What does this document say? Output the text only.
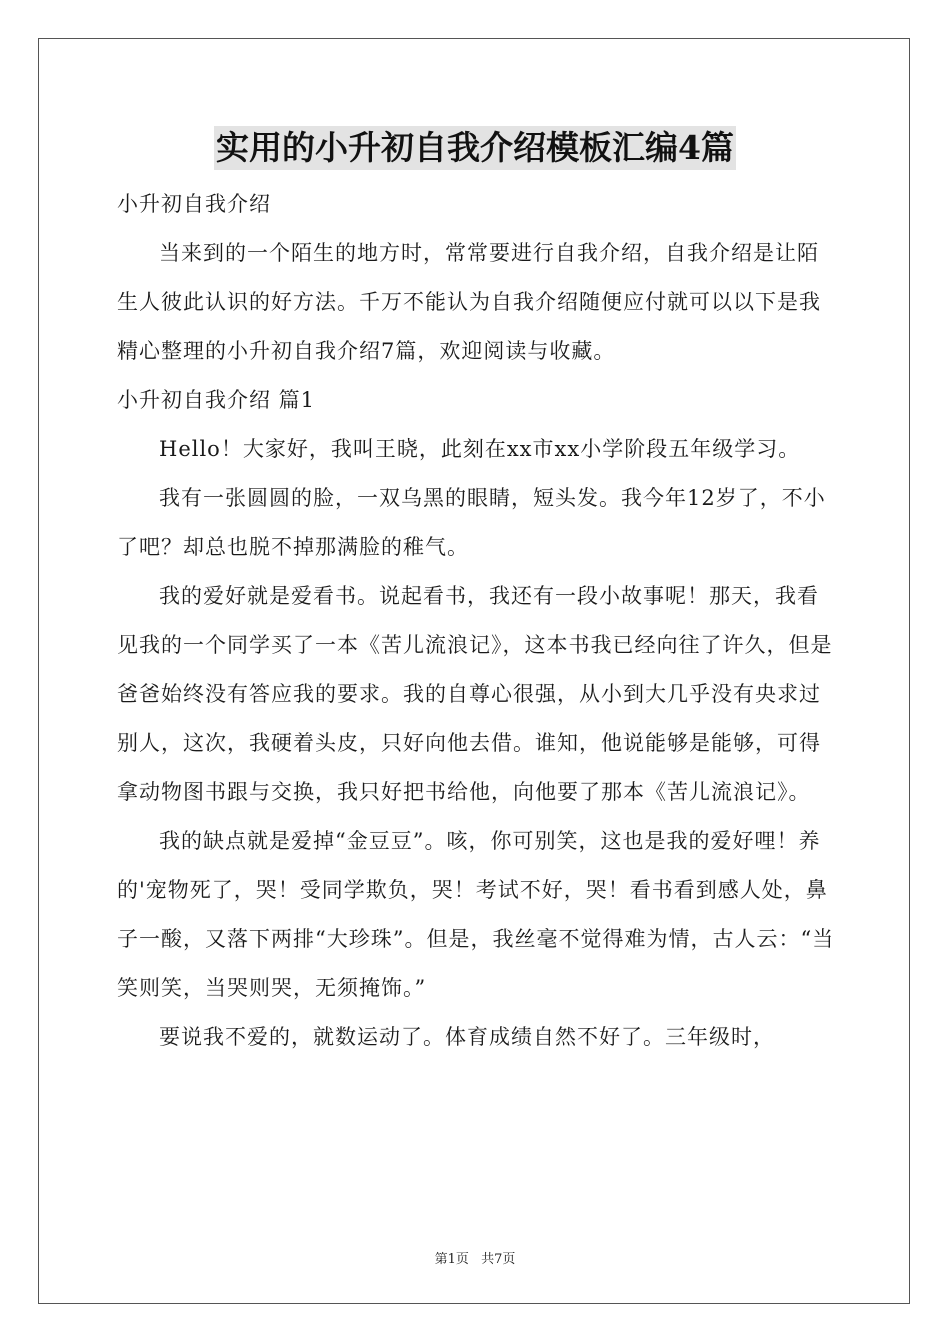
实用的小升初自我介绍模板汇编4篇

小升初自我介绍

当来到的一个陌生的地方时，常常要进行自我介绍，自我介绍是让陌生人彼此认识的好方法。千万不能认为自我介绍随便应付就可以以下是我精心整理的小升初自我介绍7篇，欢迎阅读与收藏。

小升初自我介绍 篇1

Hello！大家好，我叫王晓，此刻在xx市xx小学阶段五年级学习。

我有一张圆圆的脸，一双乌黑的眼睛，短头发。我今年12岁了，不小了吧？却总也脱不掉那满脸的稚气。

我的爱好就是爱看书。说起看书，我还有一段小故事呢！那天，我看见我的一个同学买了一本《苦儿流浪记》，这本书我已经向往了许久，但是爸爸始终没有答应我的要求。我的自尊心很强，从小到大几乎没有央求过别人，这次，我硬着头皮，只好向他去借。谁知，他说能够是能够，可得拿动物图书跟与交换，我只好把书给他，向他要了那本《苦儿流浪记》。

我的缺点就是爱掉“金豆豆”。咳，你可别笑，这也是我的爱好哩！养的'宠物死了，哭！受同学欺负，哭！考试不好，哭！看书看到感人处，鼻子一酸，又落下两排“大珍珠”。但是，我丝毫不觉得难为情，古人云：“当笑则笑，当哭则哭，无须掩饰。”

要说我不爱的，就数运动了。体育成绩自然不好了。三年级时，

第1页 共7页
